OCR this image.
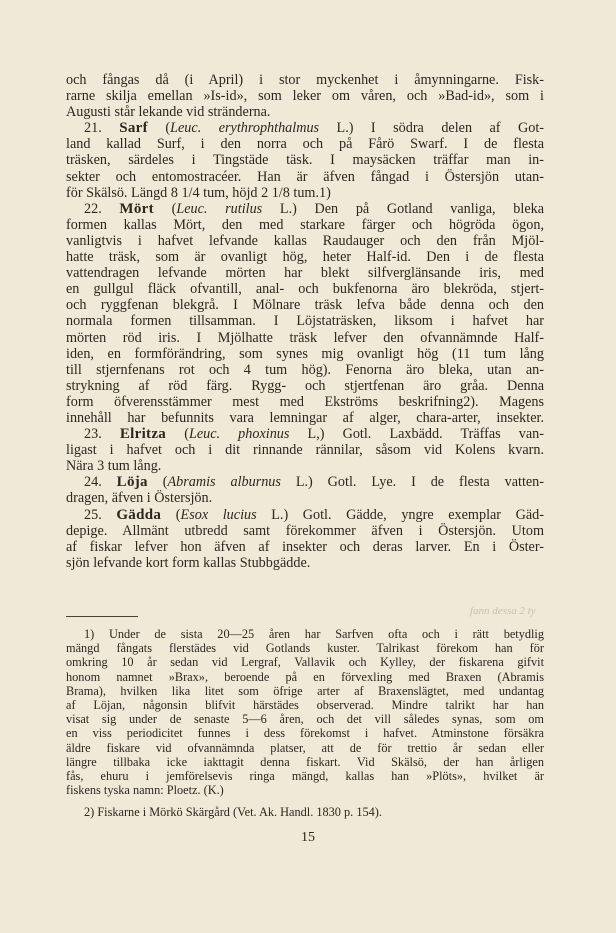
och fångas då (i April) i stor myckenhet i åmynningarne. Fisk-
rarne skilja emellan »Is-id», som leker om våren, och »Bad-id», som i
Augusti står lekande vid stränderna.
21. Sarf (Leuc. erythrophthalmus L.) I södra delen af Got-
land kallad Surf, i den norra och på Fårö Swarf. I de flesta
träsken, särdeles i Tingstäde täsk. I maysäcken träffar man in-
sekter och entomostracéer. Han är äfven fångad i Östersjön utan-
för Skälsö. Längd 8 1/4 tum, höjd 2 1/8 tum.1)
22. Mört (Leuc. rutilus L.) Den på Gotland vanliga, bleka
formen kallas Mört, den med starkare färger och högröda ögon,
vanligtvis i hafvet lefvande kallas Raudauger och den från Mjöl-
hatte träsk, som är ovanligt hög, heter Half-id. Den i de flesta
vattendragen lefvande mörten har blekt silfverglänsande iris, med
en gullgul fläck ofvantill, anal- och bukfenorna äro blekröda, stjert-
och ryggfenan blekgrå. I Mölnare träsk lefva både denna och den
normala formen tillsamman. I Löjstaträsken, liksom i hafvet har
mörten röd iris. I Mjölhatte träsk lefver den ofvannämnde Half-
iden, en formförändring, som synes mig ovanligt hög (11 tum lång
till stjernfenans rot och 4 tum hög). Fenorna äro bleka, utan an-
strykning af röd färg. Rygg- och stjertfenan äro gråa. Denna
form öfverensstämmer mest med Ekströms beskrifning2). Magens
innehåll har befunnits vara lemningar af alger, chara-arter, insekter.
23. Elritza (Leuc. phoxinus L,) Gotl. Laxbädd. Träffas van-
ligast i hafvet och i dit rinnande rännilar, såsom vid Kolens kvarn.
Nära 3 tum lång.
24. Löja (Abramis alburnus L.) Gotl. Lye. I de flesta vatten-
dragen, äfven i Östersjön.
25. Gädda (Esox lucius L.) Gotl. Gädde, yngre exemplar Gäd-
depige. Allmänt utbredd samt förekommer äfven i Östersjön. Utom
af fiskar lefver hon äfven af insekter och deras larver. En i Öster-
sjön lefvande kort form kallas Stubbgädde.
fann dessa 2 ty
1) Under de sista 20—25 åren har Sarfven ofta och i rätt betydlig
mängd fångats flerstädes vid Gotlands kuster. Talrikast förekom han för
omkring 10 år sedan vid Lergraf, Vallavik och Kylley, der fiskarena gifvit
honom namnet »Brax», beroende på en förvexling med Braxen (Abramis
Brama), hvilken lika litet som öfrige arter af Braxenslägtet, med undantag
af Löjan, någonsin blifvit härstädes observerad. Mindre talrikt har han
visat sig under de senaste 5—6 åren, och det vill således synas, som om
en viss periodicitet funnes i dess förekomst i hafvet. Atminstone försäkra
äldre fiskare vid ofvannämnda platser, att de för trettio år sedan eller
längre tillbaka icke iakttagit denna fiskart. Vid Skälsö, der han årligen
fås, ehuru i jemförelsevis ringa mängd, kallas han »Plöts», hvilket är
fiskens tyska namn: Ploetz. (K.)
2) Fiskarne i Mörkö Skärgård (Vet. Ak. Handl. 1830 p. 154).
15
